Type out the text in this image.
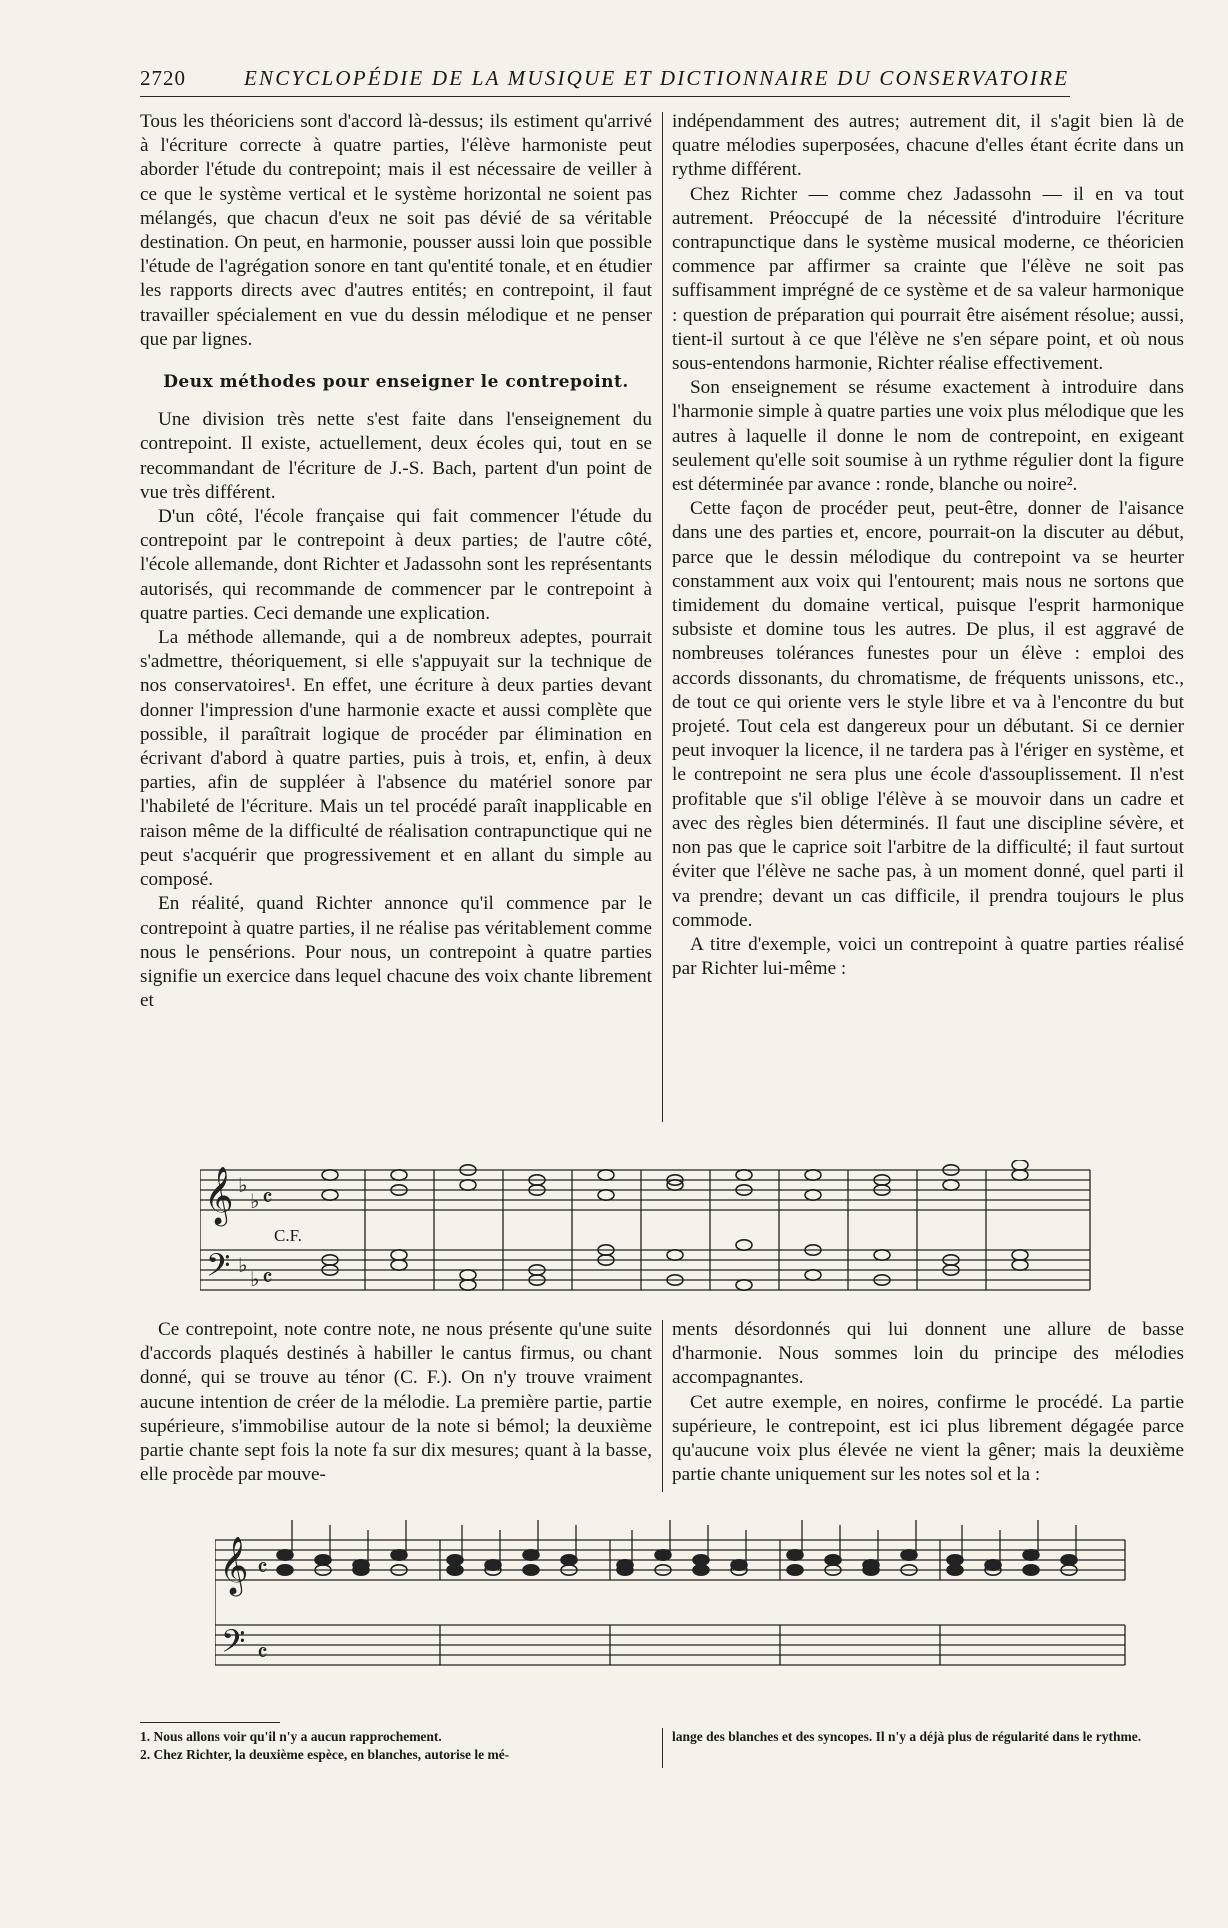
2720	ENCYCLOPÉDIE DE LA MUSIQUE ET DICTIONNAIRE DU CONSERVATOIRE

Tous les théoriciens sont d'accord là-dessus; ils estiment qu'arrivé à l'écriture correcte à quatre parties, l'élève harmoniste peut aborder l'étude du contrepoint; mais il est nécessaire de veiller à ce que le système vertical et le système horizontal ne soient pas mélangés, que chacun d'eux ne soit pas dévié de sa véritable destination. On peut, en harmonie, pousser aussi loin que possible l'étude de l'agrégation sonore en tant qu'entité tonale, et en étudier les rapports directs avec d'autres entités; en contrepoint, il faut travailler spécialement en vue du dessin mélodique et ne penser que par lignes.

Deux méthodes pour enseigner le contrepoint.

Une division très nette s'est faite dans l'enseignement du contrepoint. Il existe, actuellement, deux écoles qui, tout en se recommandant de l'écriture de J.-S. Bach, partent d'un point de vue très différent.

D'un côté, l'école française qui fait commencer l'étude du contrepoint par le contrepoint à deux parties; de l'autre côté, l'école allemande, dont Richter et Jadassohn sont les représentants autorisés, qui recommande de commencer par le contrepoint à quatre parties. Ceci demande une explication.

La méthode allemande, qui a de nombreux adeptes, pourrait s'admettre, théoriquement, si elle s'appuyait sur la technique de nos conservatoires¹. En effet, une écriture à deux parties devant donner l'impression d'une harmonie exacte et aussi complète que possible, il paraîtrait logique de procéder par élimination en écrivant d'abord à quatre parties, puis à trois, et, enfin, à deux parties, afin de suppléer à l'absence du matériel sonore par l'habileté de l'écriture. Mais un tel procédé paraît inapplicable en raison même de la difficulté de réalisation contrapunctique qui ne peut s'acquérir que progressivement et en allant du simple au composé.

En réalité, quand Richter annonce qu'il commence par le contrepoint à quatre parties, il ne réalise pas véritablement comme nous le pensérions. Pour nous, un contrepoint à quatre parties signifie un exercice dans lequel chacune des voix chante librement et

indépendamment des autres; autrement dit, il s'agit bien là de quatre mélodies superposées, chacune d'elles étant écrite dans un rythme différent.

Chez Richter — comme chez Jadassohn — il en va tout autrement. Préoccupé de la nécessité d'introduire l'écriture contrapunctique dans le système musical moderne, ce théoricien commence par affirmer sa crainte que l'élève ne soit pas suffisamment imprégné de ce système et de sa valeur harmonique : question de préparation qui pourrait être aisément résolue; aussi, tient-il surtout à ce que l'élève ne s'en sépare point, et où nous sous-entendons harmonie, Richter réalise effectivement.

Son enseignement se résume exactement à introduire dans l'harmonie simple à quatre parties une voix plus mélodique que les autres à laquelle il donne le nom de contrepoint, en exigeant seulement qu'elle soit soumise à un rythme régulier dont la figure est déterminée par avance : ronde, blanche ou noire².

Cette façon de procéder peut, peut-être, donner de l'aisance dans une des parties et, encore, pourrait-on la discuter au début, parce que le dessin mélodique du contrepoint va se heurter constamment aux voix qui l'entourent; mais nous ne sortons que timidement du domaine vertical, puisque l'esprit harmonique subsiste et domine tous les autres. De plus, il est aggravé de nombreuses tolérances funestes pour un élève : emploi des accords dissonants, du chromatisme, de fréquents unissons, etc., de tout ce qui oriente vers le style libre et va à l'encontre du but projeté. Tout cela est dangereux pour un débutant. Si ce dernier peut invoquer la licence, il ne tardera pas à l'ériger en système, et le contrepoint ne sera plus une école d'assouplissement. Il n'est profitable que s'il oblige l'élève à se mouvoir dans un cadre et avec des règles bien déterminés. Il faut une discipline sévère, et non pas que le caprice soit l'arbitre de la difficulté; il faut surtout éviter que l'élève ne sache pas, à un moment donné, quel parti il va prendre; devant un cas difficile, il prendra toujours le plus commode.

A titre d'exemple, voici un contrepoint à quatre parties réalisé par Richter lui-même :

𝄞
𝄢
♭
♭
♭
♭
𝄴
𝄴
C.F.

Ce contrepoint, note contre note, ne nous présente qu'une suite d'accords plaqués destinés à habiller le cantus firmus, ou chant donné, qui se trouve au ténor (C. F.). On n'y trouve vraiment aucune intention de créer de la mélodie. La première partie, partie supérieure, s'immobilise autour de la note si bémol; la deuxième partie chante sept fois la note fa sur dix mesures; quant à la basse, elle procède par mouve-

ments désordonnés qui lui donnent une allure de basse d'harmonie. Nous sommes loin du principe des mélodies accompagnantes.

Cet autre exemple, en noires, confirme le procédé. La partie supérieure, le contrepoint, est ici plus librement dégagée parce qu'aucune voix plus élevée ne vient la gêner; mais la deuxième partie chante uniquement sur les notes sol et la :

𝄞
𝄢
𝄴
𝄴
1. Nous allons voir qu'il n'y a aucun rapprochement.
2. Chez Richter, la deuxième espèce, en blanches, autorise le mé-
lange des blanches et des syncopes. Il n'y a déjà plus de régularité dans le rythme.
